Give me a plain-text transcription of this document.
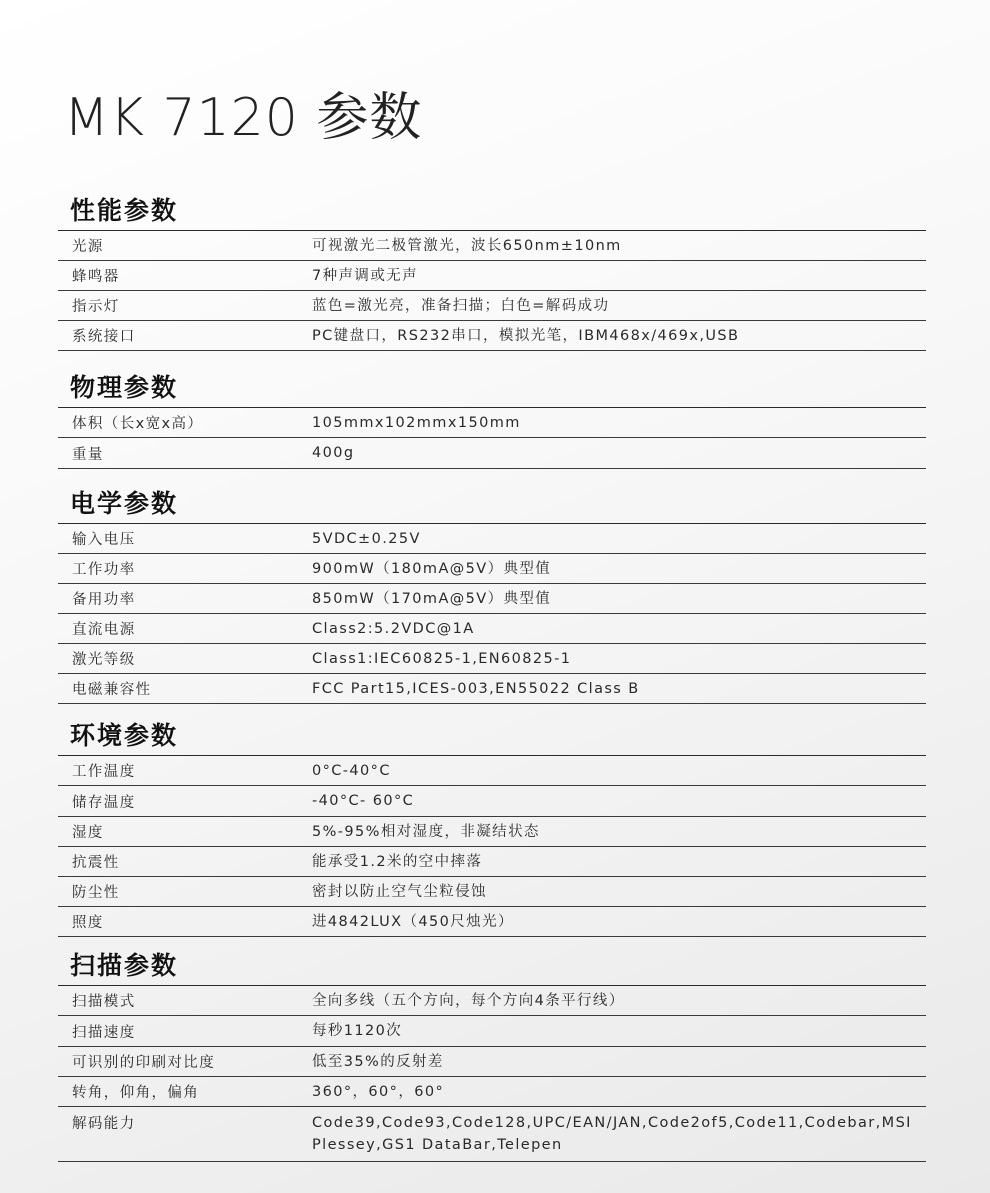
MK 7120 参数
性能参数
光源	可视激光二极管激光，波长650nm±10nm
蜂鸣器	7种声调或无声
指示灯	蓝色=激光亮，准备扫描；白色=解码成功
系统接口	PC键盘口，RS232串口，模拟光笔，IBM468x/469x,USB
物理参数
体积（长x宽x高）	105mmx102mmx150mm
重量	400g
电学参数
输入电压	5VDC±0.25V
工作功率	900mW（180mA@5V）典型值
备用功率	850mW（170mA@5V）典型值
直流电源	Class2:5.2VDC@1A
激光等级	Class1:IEC60825-1,EN60825-1
电磁兼容性	FCC Part15,ICES-003,EN55022 Class B
环境参数
工作温度	0°C-40°C
储存温度	-40°C- 60°C
湿度	5%-95%相对湿度，非凝结状态
抗震性	能承受1.2米的空中摔落
防尘性	密封以防止空气尘粒侵蚀
照度	进4842LUX（450尺烛光）
扫描参数
扫描模式	全向多线（五个方向，每个方向4条平行线）
扫描速度	每秒1120次
可识别的印刷对比度	低至35%的反射差
转角，仰角，偏角	360°，60°，60°
解码能力	Code39,Code93,Code128,UPC/EAN/JAN,Code2of5,Code11,Codebar,MSI Plessey,GS1 DataBar,Telepen
